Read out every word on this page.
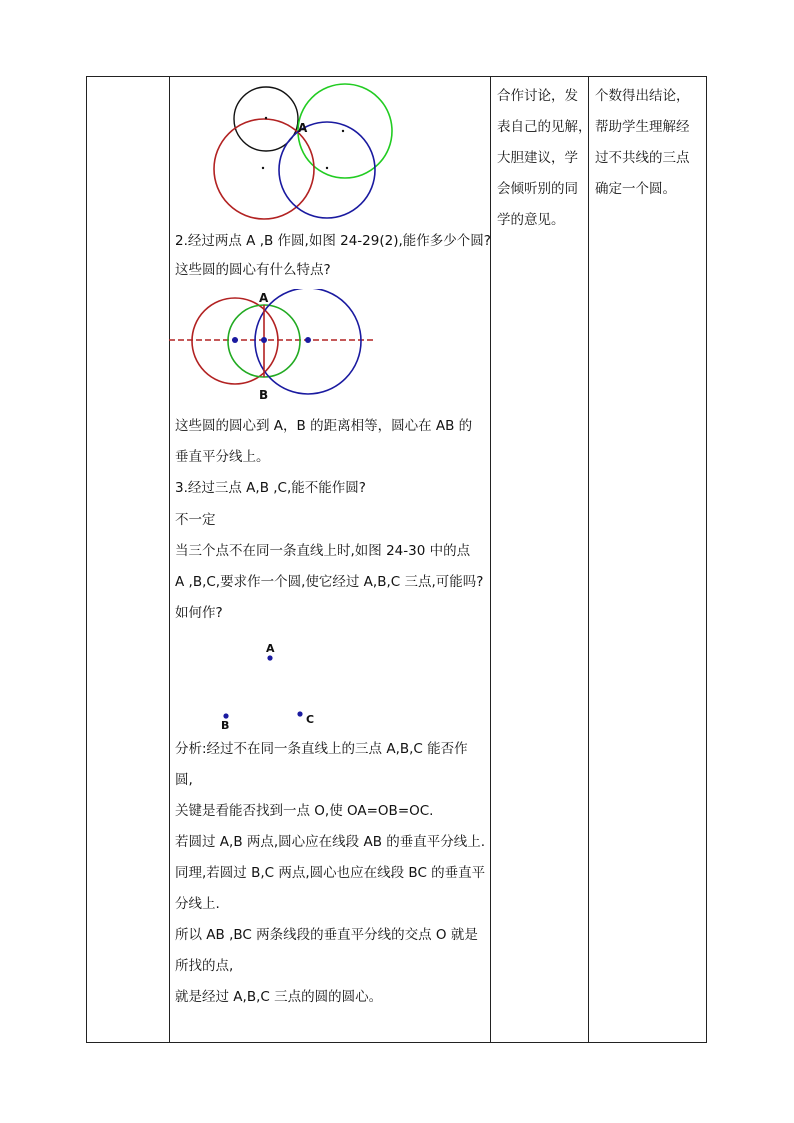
A
2.经过两点 A ,B 作圆,如图 24-29(2),能作多少个圆?
这些圆的圆心有什么特点?
A
B
这些圆的圆心到 A，B 的距离相等，圆心在 AB 的
垂直平分线上。
3.经过三点 A,B ,C,能不能作圆?
不一定
当三个点不在同一条直线上时,如图 24-30 中的点
A ,B,C,要求作一个圆,使它经过 A,B,C 三点,可能吗?
如何作?
A
B	C
分析:经过不在同一条直线上的三点 A,B,C 能否作
圆,
关键是看能否找到一点 O,使 OA=OB=OC.
若圆过 A,B 两点,圆心应在线段 AB 的垂直平分线上.
同理,若圆过 B,C 两点,圆心也应在线段 BC 的垂直平
分线上.
所以 AB ,BC 两条线段的垂直平分线的交点 O 就是
所找的点,
就是经过 A,B,C 三点的圆的圆心。
合作讨论，发
表自己的见解，
大胆建议，学
会倾听别的同
学的意见。
个数得出结论，
帮助学生理解经
过不共线的三点
确定一个圆。
